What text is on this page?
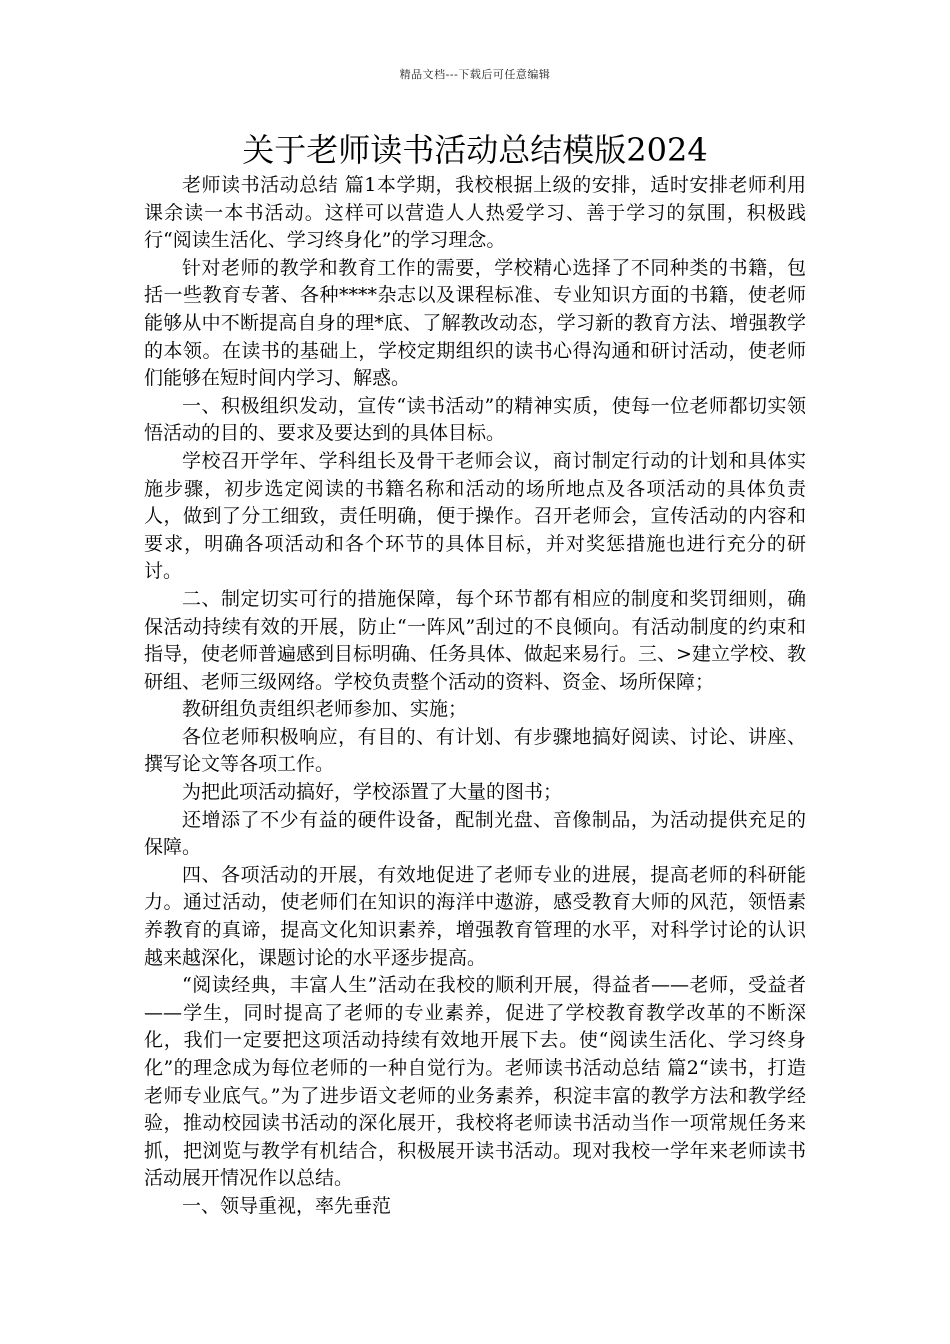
精品文档---下载后可任意编辑
关于老师读书活动总结模版2024

老师读书活动总结 篇1本学期，我校根据上级的安排，适时安排老师利用课余读一本书活动。这样可以营造人人热爱学习、善于学习的氛围，积极践行“阅读生活化、学习终身化”的学习理念。

针对老师的教学和教育工作的需要，学校精心选择了不同种类的书籍，包括一些教育专著、各种****杂志以及课程标准、专业知识方面的书籍，使老师能够从中不断提高自身的理*底、了解教改动态，学习新的教育方法、增强教学的本领。在读书的基础上，学校定期组织的读书心得沟通和研讨活动，使老师们能够在短时间内学习、解惑。

一、积极组织发动，宣传“读书活动”的精神实质，使每一位老师都切实领悟活动的目的、要求及要达到的具体目标。

学校召开学年、学科组长及骨干老师会议，商讨制定行动的计划和具体实施步骤，初步选定阅读的书籍名称和活动的场所地点及各项活动的具体负责人，做到了分工细致，责任明确，便于操作。召开老师会，宣传活动的内容和要求，明确各项活动和各个环节的具体目标，并对奖惩措施也进行充分的研讨。

二、制定切实可行的措施保障，每个环节都有相应的制度和奖罚细则，确保活动持续有效的开展，防止“一阵风”刮过的不良倾向。有活动制度的约束和指导，使老师普遍感到目标明确、任务具体、做起来易行。三、>建立学校、教研组、老师三级网络。学校负责整个活动的资料、资金、场所保障；

教研组负责组织老师参加、实施；

各位老师积极响应，有目的、有计划、有步骤地搞好阅读、讨论、讲座、撰写论文等各项工作。

为把此项活动搞好，学校添置了大量的图书；

还增添了不少有益的硬件设备，配制光盘、音像制品，为活动提供充足的保障。

四、各项活动的开展，有效地促进了老师专业的进展，提高老师的科研能力。通过活动，使老师们在知识的海洋中遨游，感受教育大师的风范，领悟素养教育的真谛，提高文化知识素养，增强教育管理的水平，对科学讨论的认识越来越深化，课题讨论的水平逐步提高。

“阅读经典，丰富人生”活动在我校的顺利开展，得益者——老师，受益者——学生，同时提高了老师的专业素养，促进了学校教育教学改革的不断深化，我们一定要把这项活动持续有效地开展下去。使“阅读生活化、学习终身化”的理念成为每位老师的一种自觉行为。老师读书活动总结 篇2“读书，打造老师专业底气。”为了进步语文老师的业务素养，积淀丰富的教学方法和教学经验，推动校园读书活动的深化展开，我校将老师读书活动当作一项常规任务来抓，把浏览与教学有机结合，积极展开读书活动。现对我校一学年来老师读书活动展开情况作以总结。

一、领导重视，率先垂范
